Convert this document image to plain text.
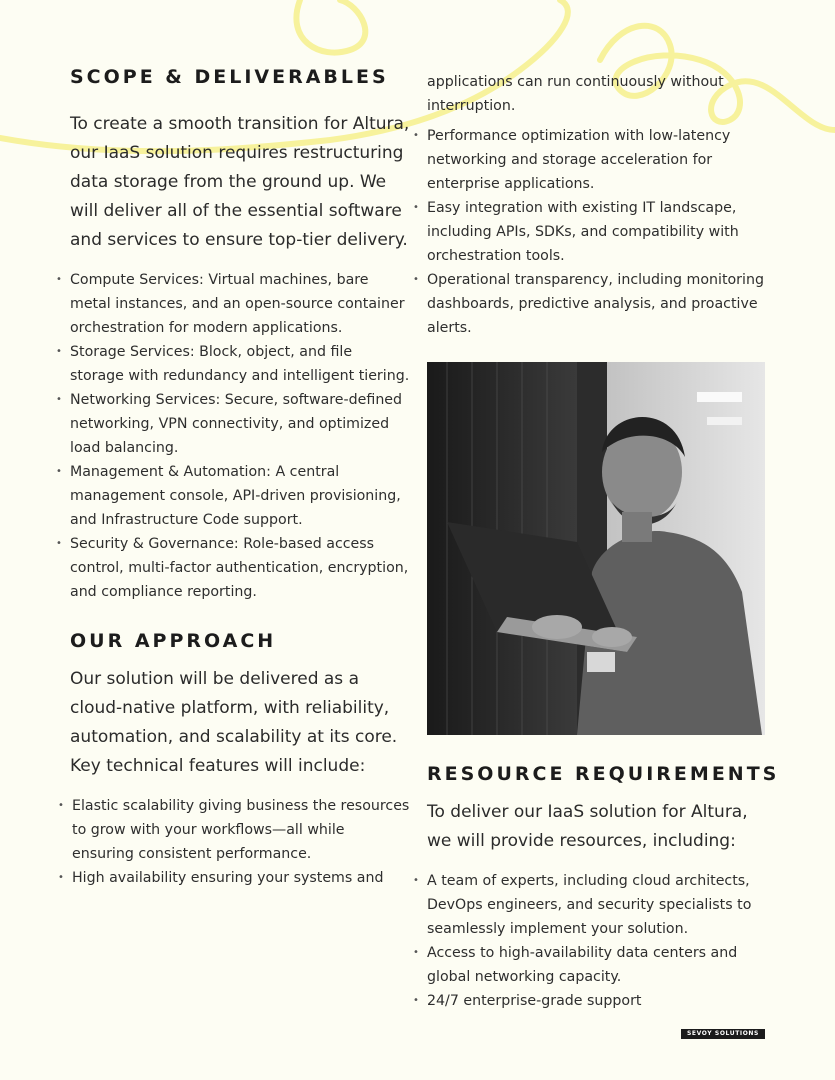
SCOPE & DELIVERABLES

To create a smooth transition for Altura, our IaaS solution requires restructuring data storage from the ground up. We will deliver all of the essential software and services to ensure top-tier delivery.

• Compute Services: Virtual machines, bare metal instances, and an open-source container orchestration for modern applications.
• Storage Services: Block, object, and file storage with redundancy and intelligent tiering.
• Networking Services: Secure, software-defined networking, VPN connectivity, and optimized load balancing.
• Management & Automation: A central management console, API-driven provisioning, and Infrastructure Code support.
• Security & Governance: Role-based access control, multi-factor authentication, encryption, and compliance reporting.
OUR APPROACH

Our solution will be delivered as a cloud-native platform, with reliability, automation, and scalability at its core. Key technical features will include:

• Elastic scalability giving business the resources to grow with your workflows—all while ensuring consistent performance.
• High availability ensuring your systems and
applications can run continuously without interruption.
• Performance optimization with low-latency networking and storage acceleration for enterprise applications.
• Easy integration with existing IT landscape, including APIs, SDKs, and compatibility with orchestration tools.
• Operational transparency, including monitoring dashboards, predictive analysis, and proactive alerts.
RESOURCE REQUIREMENTS

To deliver our IaaS solution for Altura, we will provide resources, including:

• A team of experts, including cloud architects, DevOps engineers, and security specialists to seamlessly implement your solution.
• Access to high-availability data centers and global networking capacity.
• 24/7 enterprise-grade support
SEVOY SOLUTIONS
